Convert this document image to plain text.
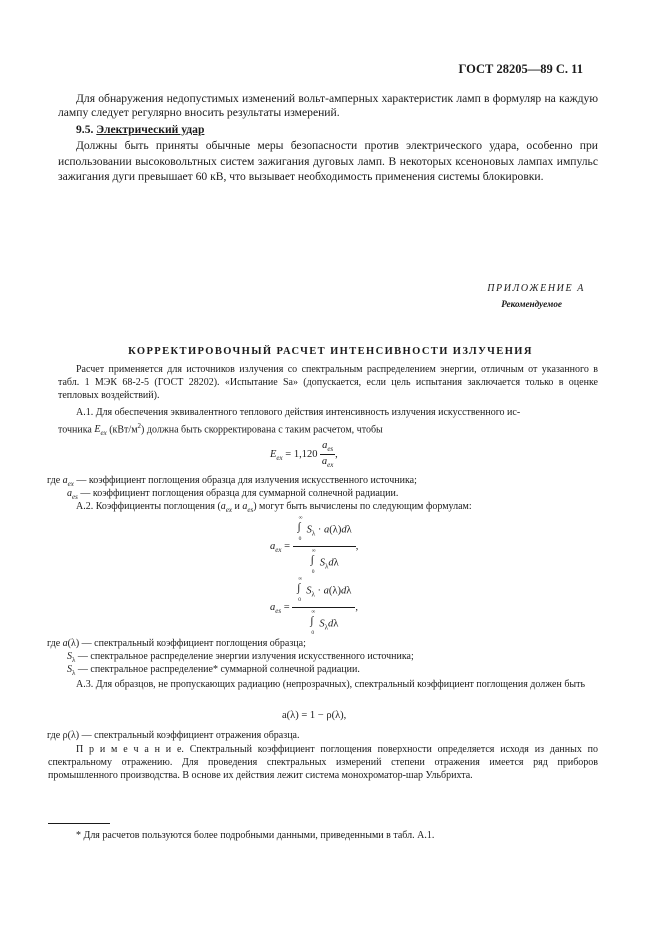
ГОСТ 28205—89 С. 11

Для обнаружения недопустимых изменений вольт-амперных характеристик ламп в формуляр на каждую лампу следует регулярно вносить результаты измерений.

9.5. Электрический удар

Должны быть приняты обычные меры безопасности против электрического удара, особенно при использовании высоковольтных систем зажигания дуговых ламп. В некоторых ксеноновых лампах импульс зажигания дуги превышает 60 кВ, что вызывает необходимость применения системы блокировки.

ПРИЛОЖЕНИЕ А
Рекомендуемое
КОРРЕКТИРОВОЧНЫЙ РАСЧЕТ ИНТЕНСИВНОСТИ ИЗЛУЧЕНИЯ

Расчет применяется для источников излучения со спектральным распределением энергии, отличным от указанного в табл. 1 МЭК 68-2-5 (ГОСТ 28202). «Испытание Sa» (допускается, если цель испытания заключается только в оценке тепловых воздействий).

А.1. Для обеспечения эквивалентного теплового действия интенсивность излучения искусственного ис-
точника $E_{ex}$ $(кВт/м^2)$ должна быть скорректирована с таким расчетом, чтобы
$E_{ex} = 1,120 \frac{a_{es}}{a_{ex}}$ ,
где $a_{ex}$ — коэффициент поглощения образца для излучения искусственного источника;
$a_{es}$ — коэффициент поглощения образца для суммарной солнечной радиации.
А.2. Коэффициенты поглощения ($a_{ex}$ и $a_{es}$) могут быть вычислены по следующим формулам:
$a_{ex}$ = ∞
∫
0
$S_\lambda \cdot a(\lambda)d\lambda$
∞
∫
0
$S_\lambda d\lambda$ ,
$a_{es}$ = ∞
∫
0
$S_\lambda \cdot a(\lambda)d\lambda$
∞
∫
0
$S_\lambda d\lambda$ ,
где a(λ) — спектральный коэффициент поглощения образца;
$S_\lambda$ — спектральное распределение энергии излучения искусственного источника;
$S_\lambda$ — спектральное распределение* суммарной солнечной радиации.

А.3. Для образцов, не пропускающих радиацию (непрозрачных), спектральный коэффициент поглощения должен быть

a(λ) = 1 − ρ(λ),
где ρ(λ) — спектральный коэффициент отражения образца.

П р и м е ч а н и е. Спектральный коэффициент поглощения поверхности определяется исходя из данных по спектральному отражению. Для проведения спектральных измерений степени отражения имеется ряд приборов промышленного производства. В основе их действия лежит система монохроматор-шар Ульбрихта.

* Для расчетов пользуются более подробными данными, приведенными в табл. А.1.
